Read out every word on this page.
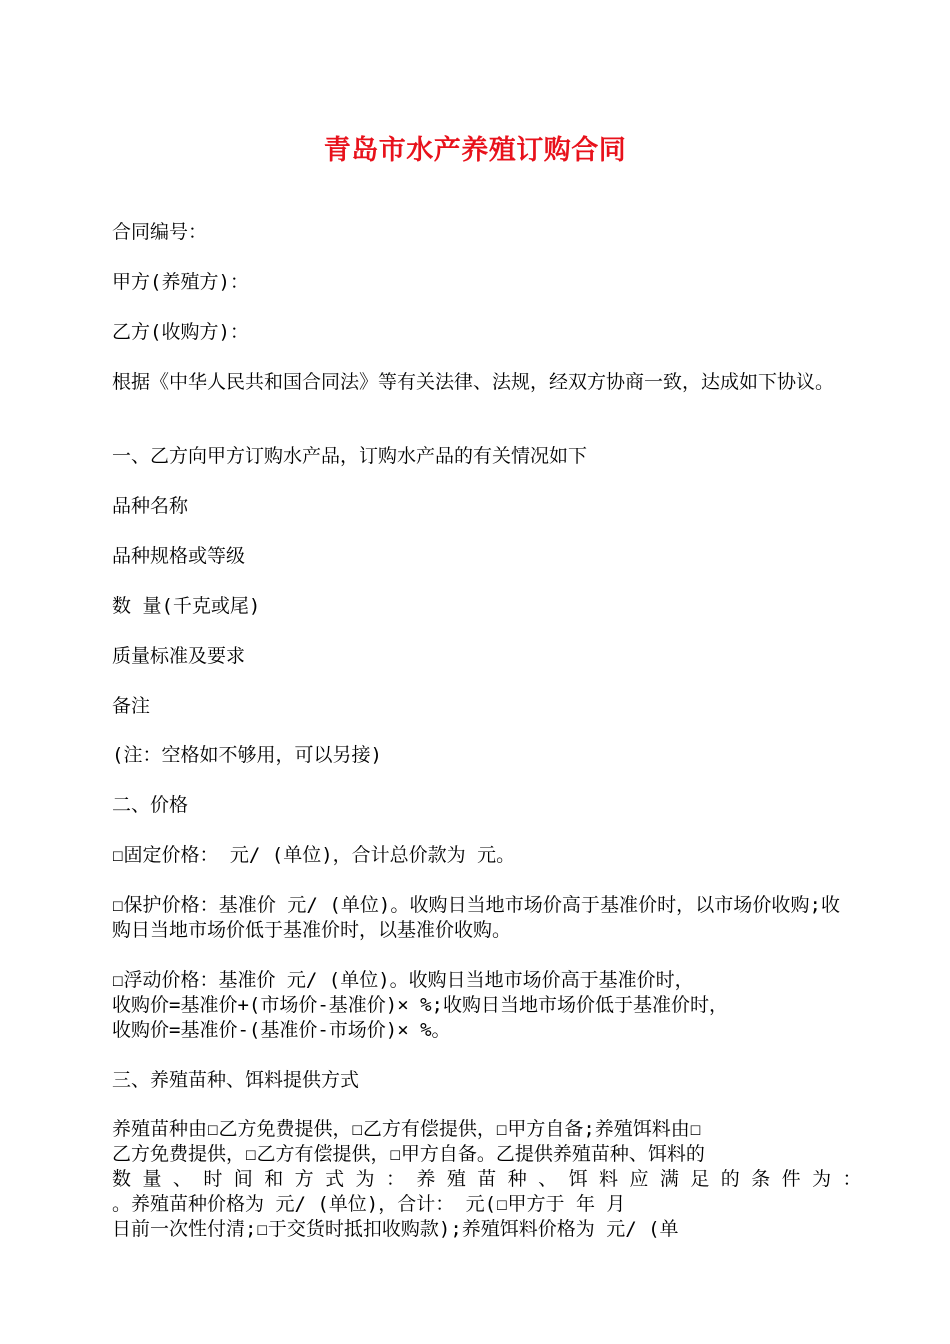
青岛市水产养殖订购合同

合同编号：

甲方(养殖方)：

乙方(收购方)：

根据《中华人民共和国合同法》等有关法律、法规，经双方协商一致，达成如下协议。

一、乙方向甲方订购水产品，订购水产品的有关情况如下

品种名称

品种规格或等级

数 量(千克或尾)

质量标准及要求

备注

(注：空格如不够用，可以另接)

二、价格

☐固定价格： 元/ (单位)，合计总价款为 元。

☐保护价格：基准价 元/ (单位)。收购日当地市场价高于基准价时，以市场价收购;收购日当地市场价低于基准价时，以基准价收购。

☐浮动价格：基准价 元/ (单位)。收购日当地市场价高于基准价时，

收购价=基准价+(市场价-基准价)× %;收购日当地市场价低于基准价时，

收购价=基准价-(基准价-市场价)× %。

三、养殖苗种、饵料提供方式

养殖苗种由☐乙方免费提供，☐乙方有偿提供，☐甲方自备;养殖饵料由☐

乙方免费提供，☐乙方有偿提供，☐甲方自备。乙提供养殖苗种、饵料的

数 量 、 时 间 和 方 式 为 ： 养 殖 苗 种 、 饵 料 应 满 足 的 条 件 为 ：

。养殖苗种价格为 元/ (单位)，合计： 元(☐甲方于 年 月

日前一次性付清;☐于交货时抵扣收购款);养殖饵料价格为 元/ (单
